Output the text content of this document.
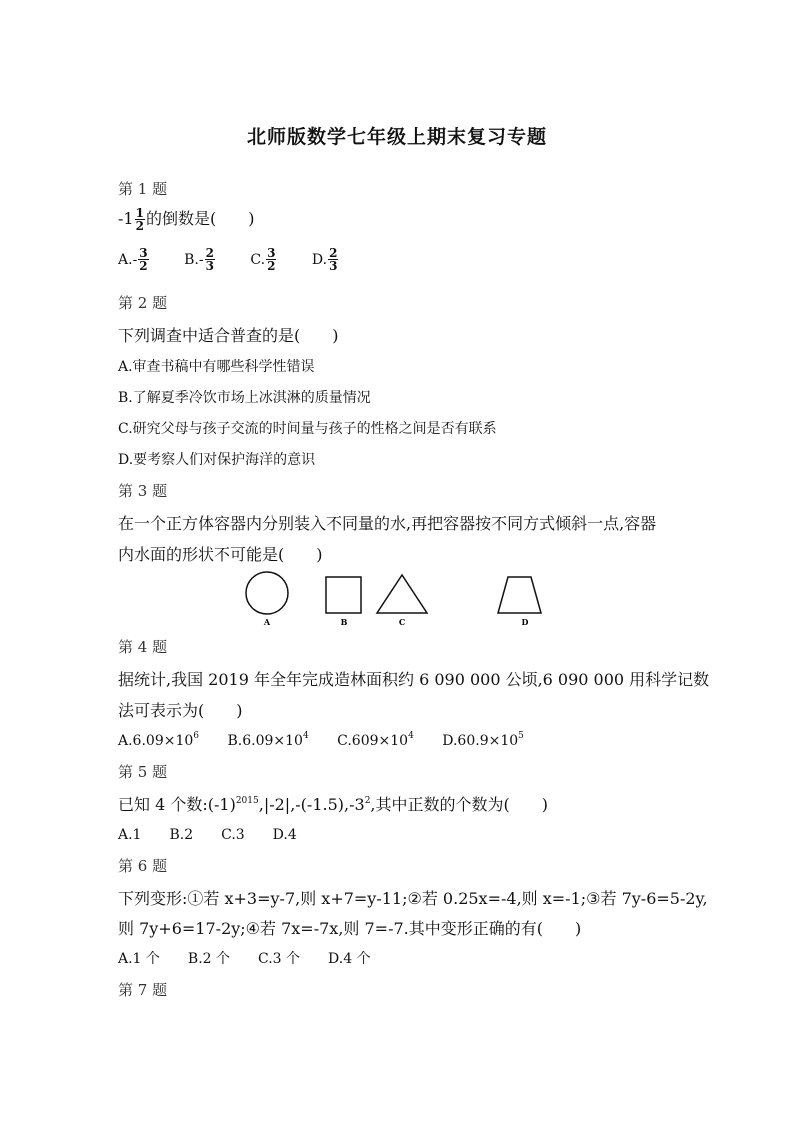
北师版数学七年级上期末复习专题
第 1 题
$-1 \frac{1}{2}$ 的倒数是(　　)
$A.- \frac{3}{2}$	$B.- \frac{2}{3}$	C. $\frac{3}{2}$	D. $\frac{2}{3}$
第 2 题
下列调查中适合普查的是(　　)
A.审查书稿中有哪些科学性错误
B.了解夏季冷饮市场上冰淇淋的质量情况
C.研究父母与孩子交流的时间量与孩子的性格之间是否有联系
D.要考察人们对保护海洋的意识
第 3 题
在一个正方体容器内分别装入不同量的水,再把容器按不同方式倾斜一点,容器
内水面的形状不可能是(　　)
A	B	C	D
第 4 题
据统计,我国 2019 年全年完成造林面积约 6 090 000 公顷,6 090 000 用科学记数
法可表示为(　　)
$A.6.09\times 10^6$ $B.6.09\times 10^4$ $C.609\times 10^4$ $D.60.9\times 10^5$
第 5 题
已知 4 个数$:(-1)^{2015},|-2|,-(-1.5),-3^2$,其中正数的个数为(　　)
A.1　　B.2　　C.3　　D.4
第 6 题
下列变形:①若 x+3=y-7,则 x+7=y-11;②若 0.25x=-4,则 x=-1;③若 7y-6=5-2y,
则 7y+6=17-2y;④若 7x=-7x,则 7=-7.其中变形正确的有(　　)
A.1 个　　B.2 个　　C.3 个　　D.4 个
第 7 题
